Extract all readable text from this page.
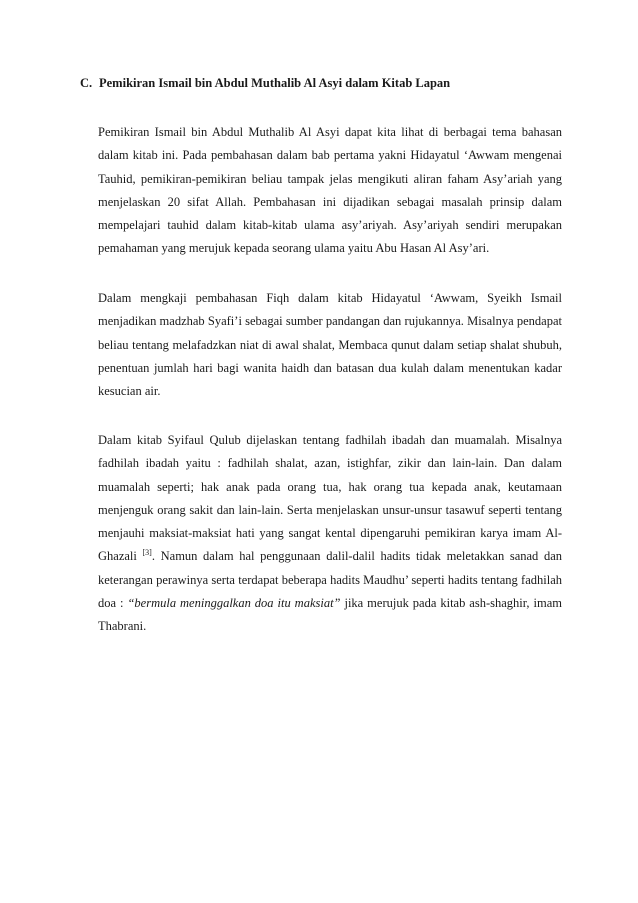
C. Pemikiran Ismail bin Abdul Muthalib Al Asyi dalam Kitab Lapan

Pemikiran Ismail bin Abdul Muthalib Al Asyi dapat kita lihat di berbagai tema bahasan dalam kitab ini. Pada pembahasan dalam bab pertama yakni Hidayatul ‘Awwam mengenai Tauhid, pemikiran-pemikiran beliau tampak jelas mengikuti aliran faham Asy’ariah yang menjelaskan 20 sifat Allah. Pembahasan ini dijadikan sebagai masalah prinsip dalam mempelajari tauhid dalam kitab-kitab ulama asy’ariyah. Asy’ariyah sendiri merupakan pemahaman yang merujuk kepada seorang ulama yaitu Abu Hasan Al Asy’ari.

Dalam mengkaji pembahasan Fiqh dalam kitab Hidayatul ‘Awwam, Syeikh Ismail menjadikan madzhab Syafi’i sebagai sumber pandangan dan rujukannya. Misalnya pendapat beliau tentang melafadzkan niat di awal shalat, Membaca qunut dalam setiap shalat shubuh, penentuan jumlah hari bagi wanita haidh dan batasan dua kulah dalam menentukan kadar kesucian air.

Dalam kitab Syifaul Qulub dijelaskan tentang fadhilah ibadah dan muamalah. Misalnya fadhilah ibadah yaitu : fadhilah shalat, azan, istighfar, zikir dan lain-lain. Dan dalam muamalah seperti; hak anak pada orang tua, hak orang tua kepada anak, keutamaan menjenguk orang sakit dan lain-lain. Serta menjelaskan unsur-unsur tasawuf seperti tentang menjauhi maksiat-maksiat hati yang sangat kental dipengaruhi pemikiran karya imam Al-Ghazali [3]. Namun dalam hal penggunaan dalil-dalil hadits tidak meletakkan sanad dan keterangan perawinya serta terdapat beberapa hadits Maudhu’ seperti hadits tentang fadhilah doa : “bermula meninggalkan doa itu maksiat” jika merujuk pada kitab ash-shaghir, imam Thabrani.
